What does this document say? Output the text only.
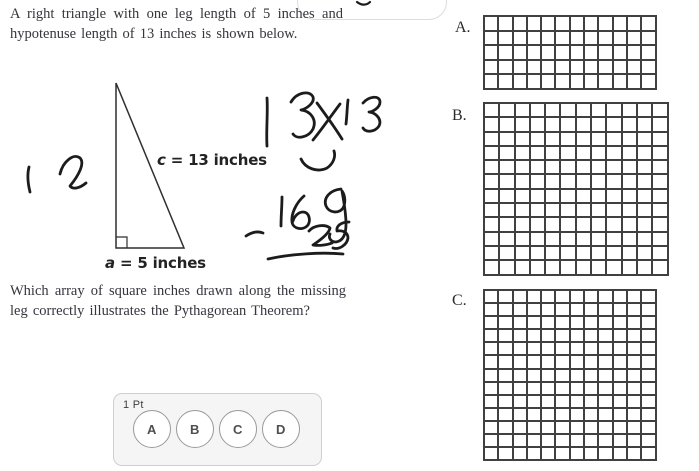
A right triangle with one leg length of 5 inches and hypotenuse length of 13 inches is shown below.
c = 13 inches
a = 5 inches
Which array of square inches drawn along the missing leg correctly illustrates the Pythagorean Theorem?
1 Pt
A	B	C	D
A.
B.
C.
